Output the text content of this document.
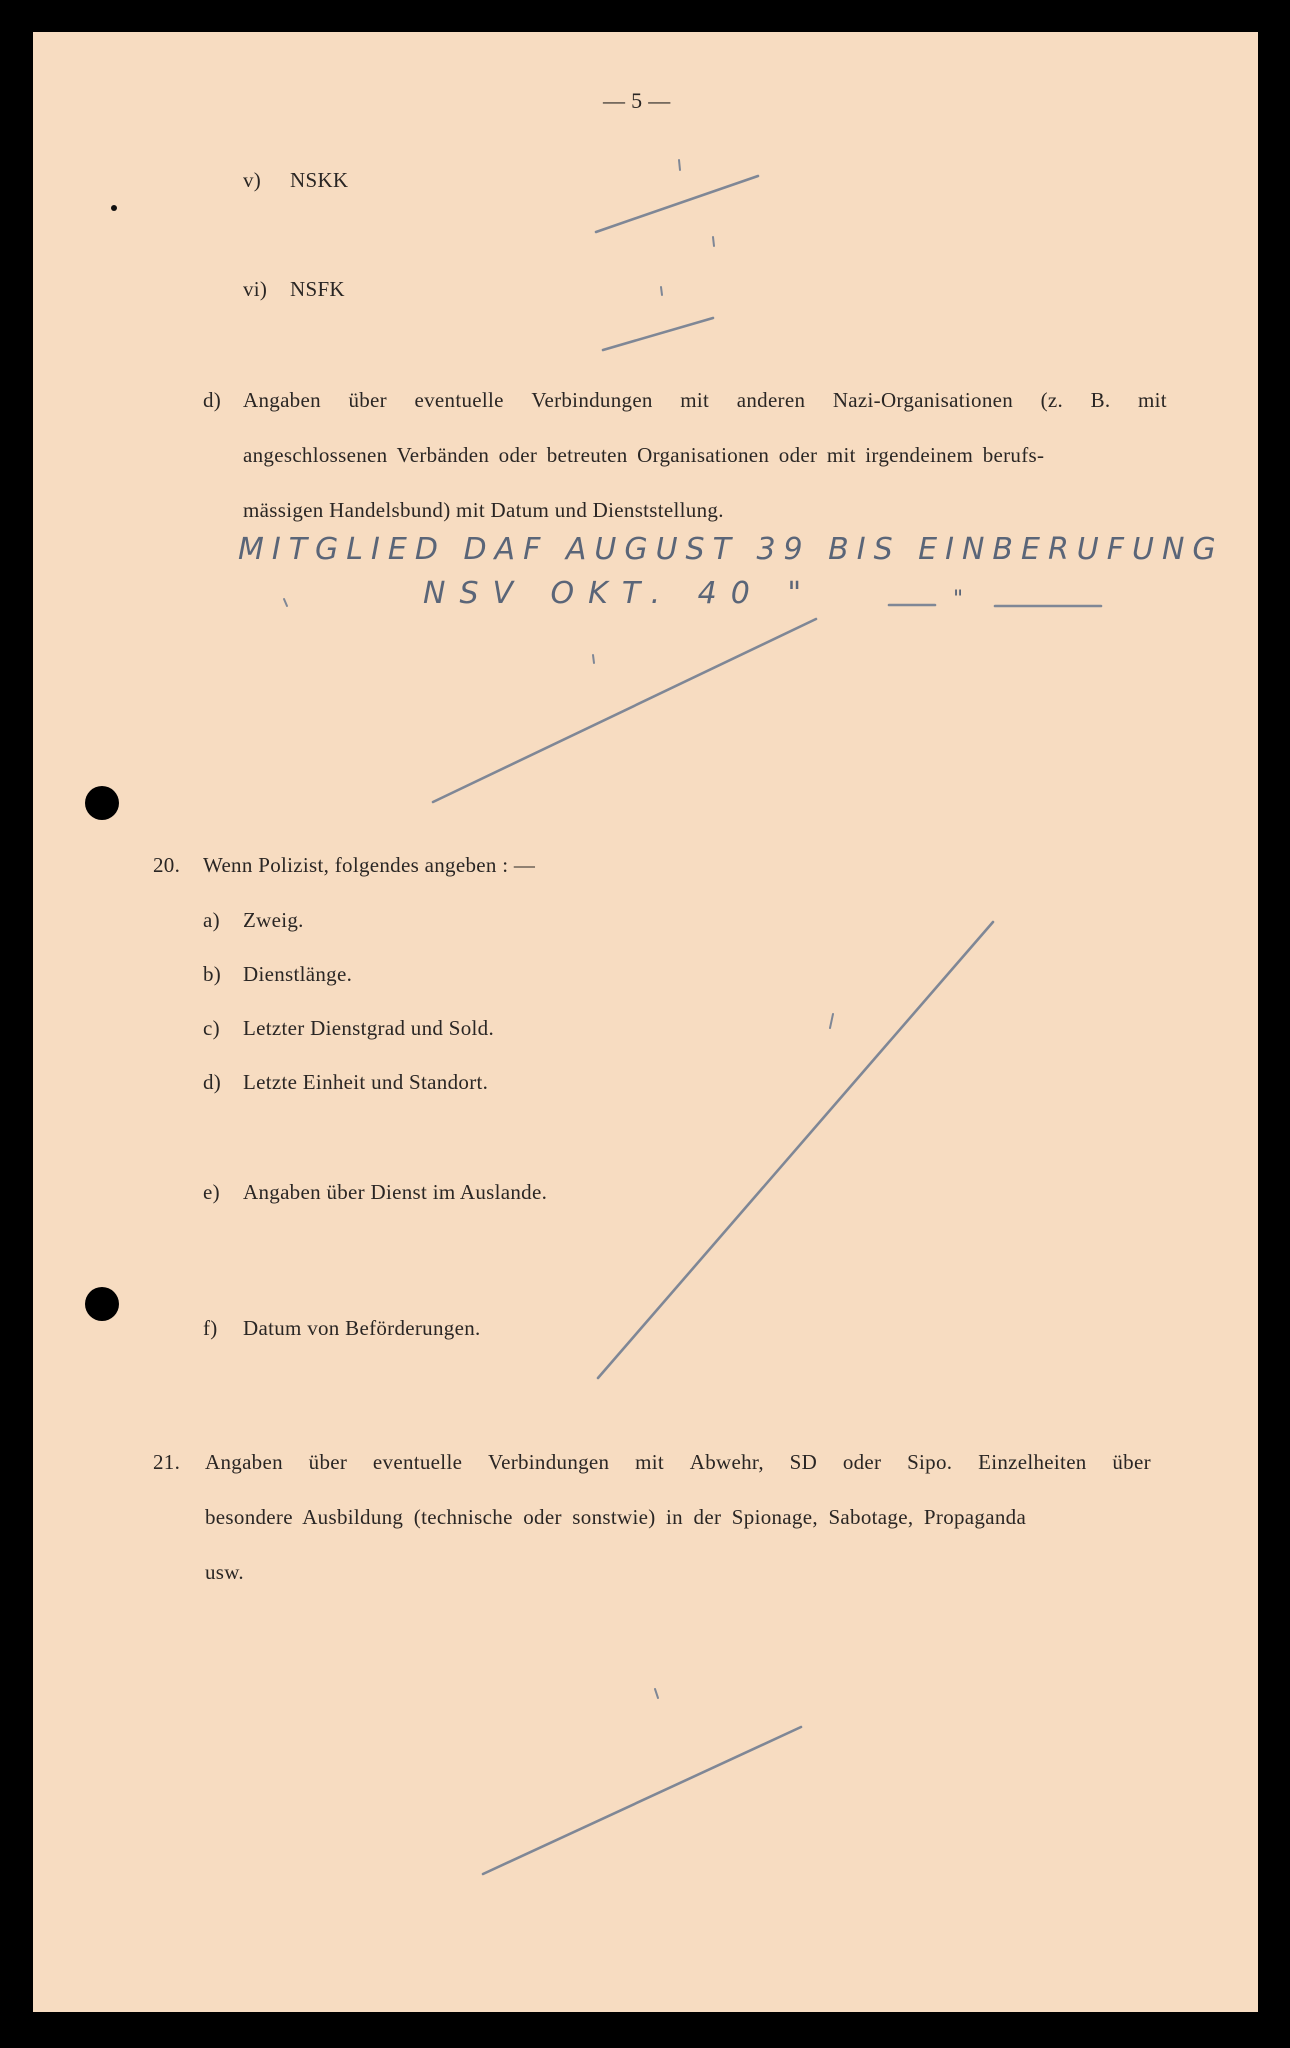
— 5 —
v) NSKK
vi) NSFK
d) Angaben über eventuelle Verbindungen mit anderen Nazi-Organisationen (z. B. mit
angeschlossenen Verbänden oder betreuten Organisationen oder mit irgendeinem berufs-
mässigen Handelsbund) mit Datum und Dienststellung.
MITGLIED DAF AUGUST 39 BIS EINBERUFUNG
NSV OKT. 40 "	"
20. Wenn Polizist, folgendes angeben : —
a) Zweig.
b) Dienstlänge.
c) Letzter Dienstgrad und Sold.
d) Letzte Einheit und Standort.
e) Angaben über Dienst im Auslande.
f) Datum von Beförderungen.
21. Angaben über eventuelle Verbindungen mit Abwehr, SD oder Sipo. Einzelheiten über
besondere Ausbildung (technische oder sonstwie) in der Spionage, Sabotage, Propaganda
usw.
